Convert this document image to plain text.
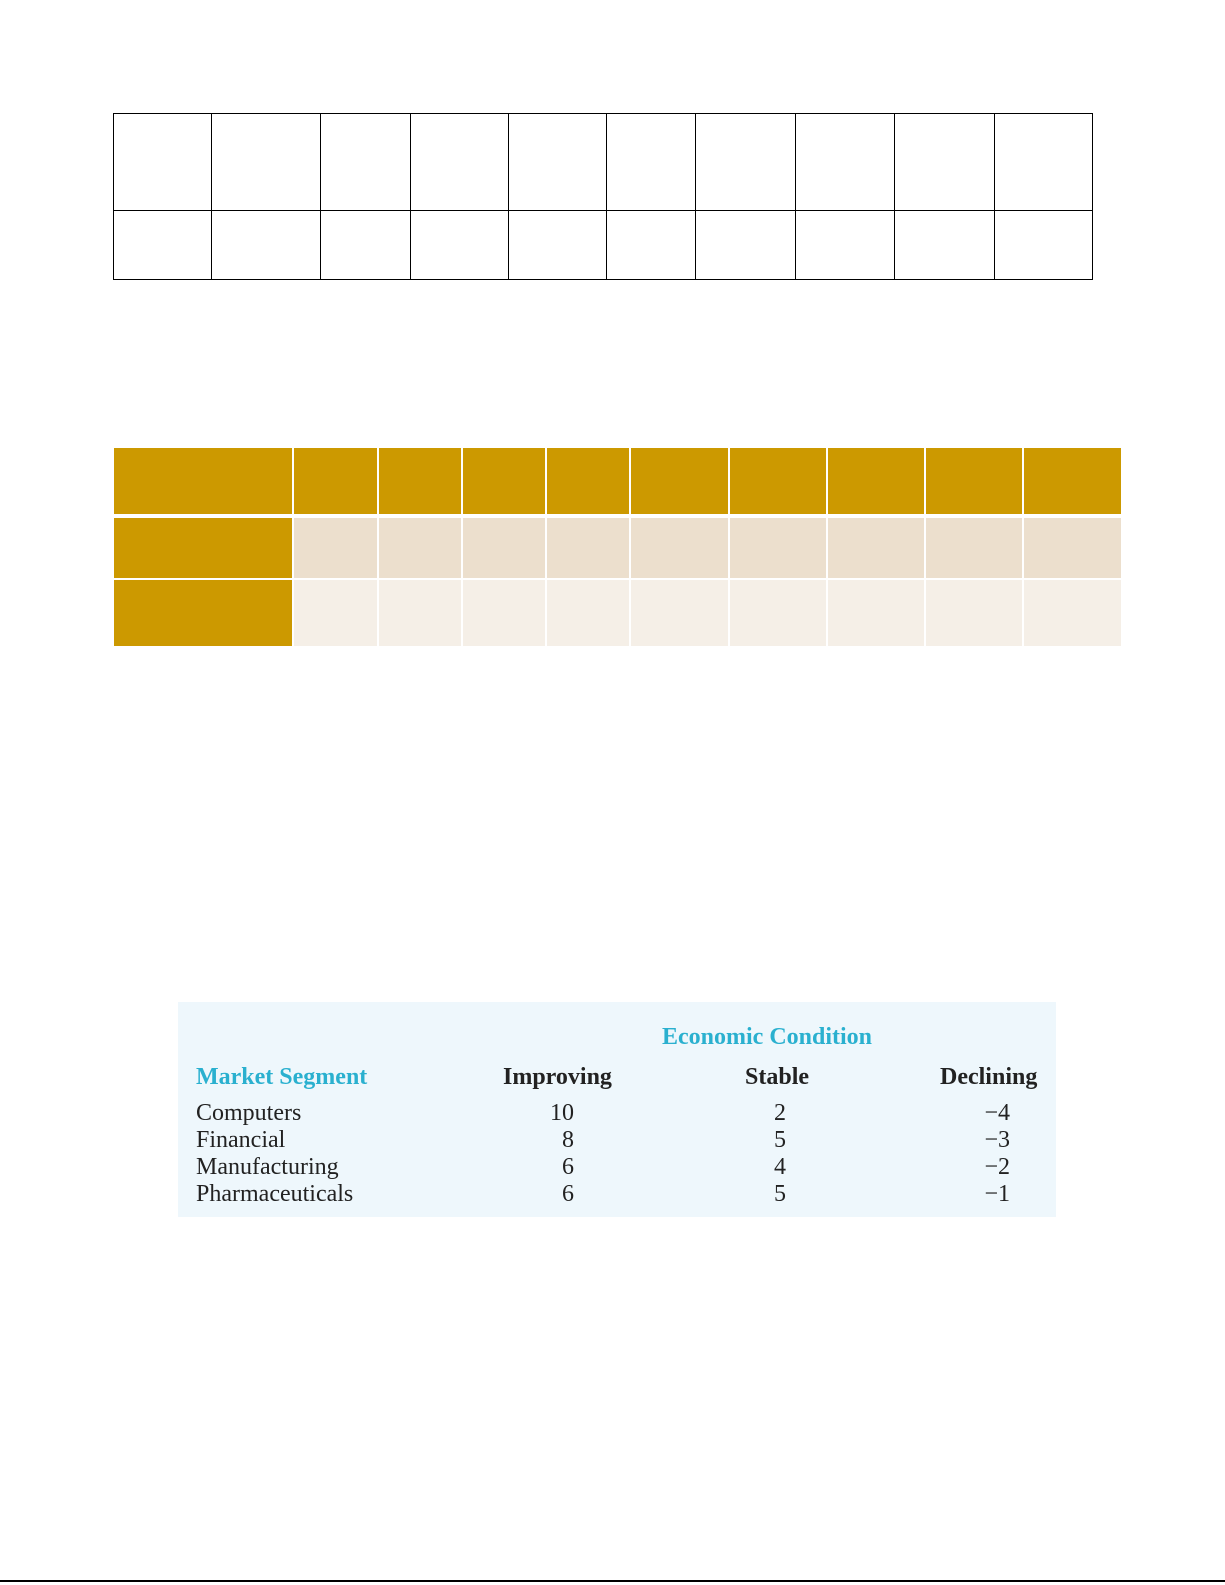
Economic Condition
Market Segment	Improving	Stable	Declining
Computers	10	2	−4
Financial	8	5	−3
Manufacturing	6	4	−2
Pharmaceuticals	6	5	−1
